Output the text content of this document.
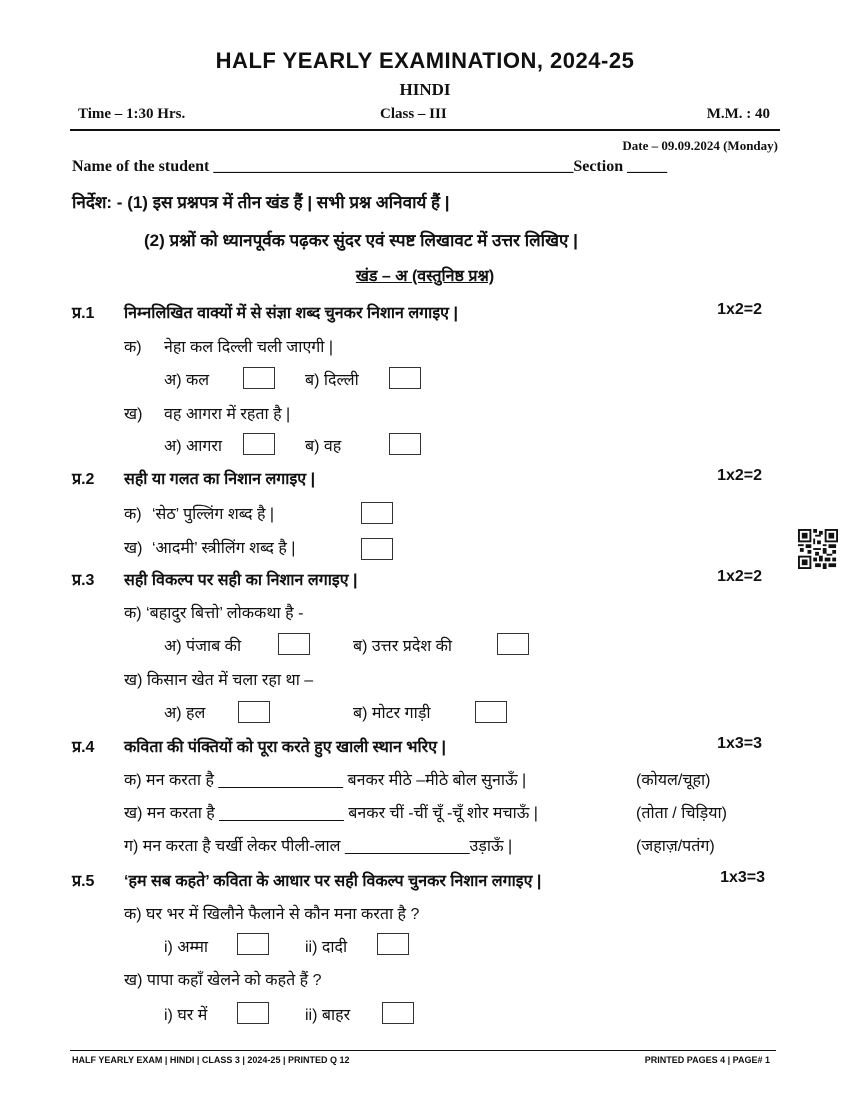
HALF YEARLY EXAMINATION, 2024-25
HINDI
Time – 1:30 Hrs.	Class – III	M.M. : 40
Date – 09.09.2024 (Monday)
Name of the student _____________________________________________Section _____
निर्देश: - (1) इस प्रश्नपत्र में तीन खंड हैं | सभी प्रश्न अनिवार्य हैं |
(2) प्रश्नों को ध्यानपूर्वक पढ़कर सुंदर एवं स्पष्ट लिखावट में उत्तर लिखिए |
खंड – अ (वस्तुनिष्ठ प्रश्न)
प्र.1 निम्नलिखित वाक्यों में से संज्ञा शब्द चुनकर निशान लगाइए |	1x2=2
क) नेहा कल दिल्ली चली जाएगी |
अ) कल	ब) दिल्ली
ख) वह आगरा में रहता है |
अ) आगरा	ब) वह
प्र.2 सही या गलत का निशान लगाइए |	1x2=2
क) ‘सेठ’ पुल्लिंग शब्द है |
ख) ‘आदमी’ स्त्रीलिंग शब्द है |
प्र.3 सही विकल्प पर सही का निशान लगाइए |	1x2=2
क) ‘बहादुर बित्तो’ लोककथा है -
अ) पंजाब की	ब) उत्तर प्रदेश की
ख) किसान खेत में चला रहा था –
अ) हल	ब) मोटर गाड़ी
प्र.4 कविता की पंक्तियों को पूरा करते हुए खाली स्थान भरिए |	1x3=3
क) मन करता है ______________ बनकर मीठे –मीठे बोल सुनाऊँ |	(कोयल/चूहा)
ख) मन करता है ______________ बनकर चीं -चीं चूँ -चूँ शोर मचाऊँ |	(तोता / चिड़िया)
ग) मन करता है चर्खी लेकर पीली-लाल ______________उड़ाऊँ |	(जहाज़/पतंग)
प्र.5 ‘हम सब कहते’ कविता के आधार पर सही विकल्प चुनकर निशान लगाइए |	1x3=3
क) घर भर में खिलौने फैलाने से कौन मना करता है ?
i) अम्मा	ii) दादी
ख) पापा कहाँ खेलने को कहते हैं ?
i) घर में	ii) बाहर
HALF YEARLY EXAM | HINDI | CLASS 3 | 2024-25 | PRINTED Q 12	PRINTED PAGES 4 | PAGE# 1
